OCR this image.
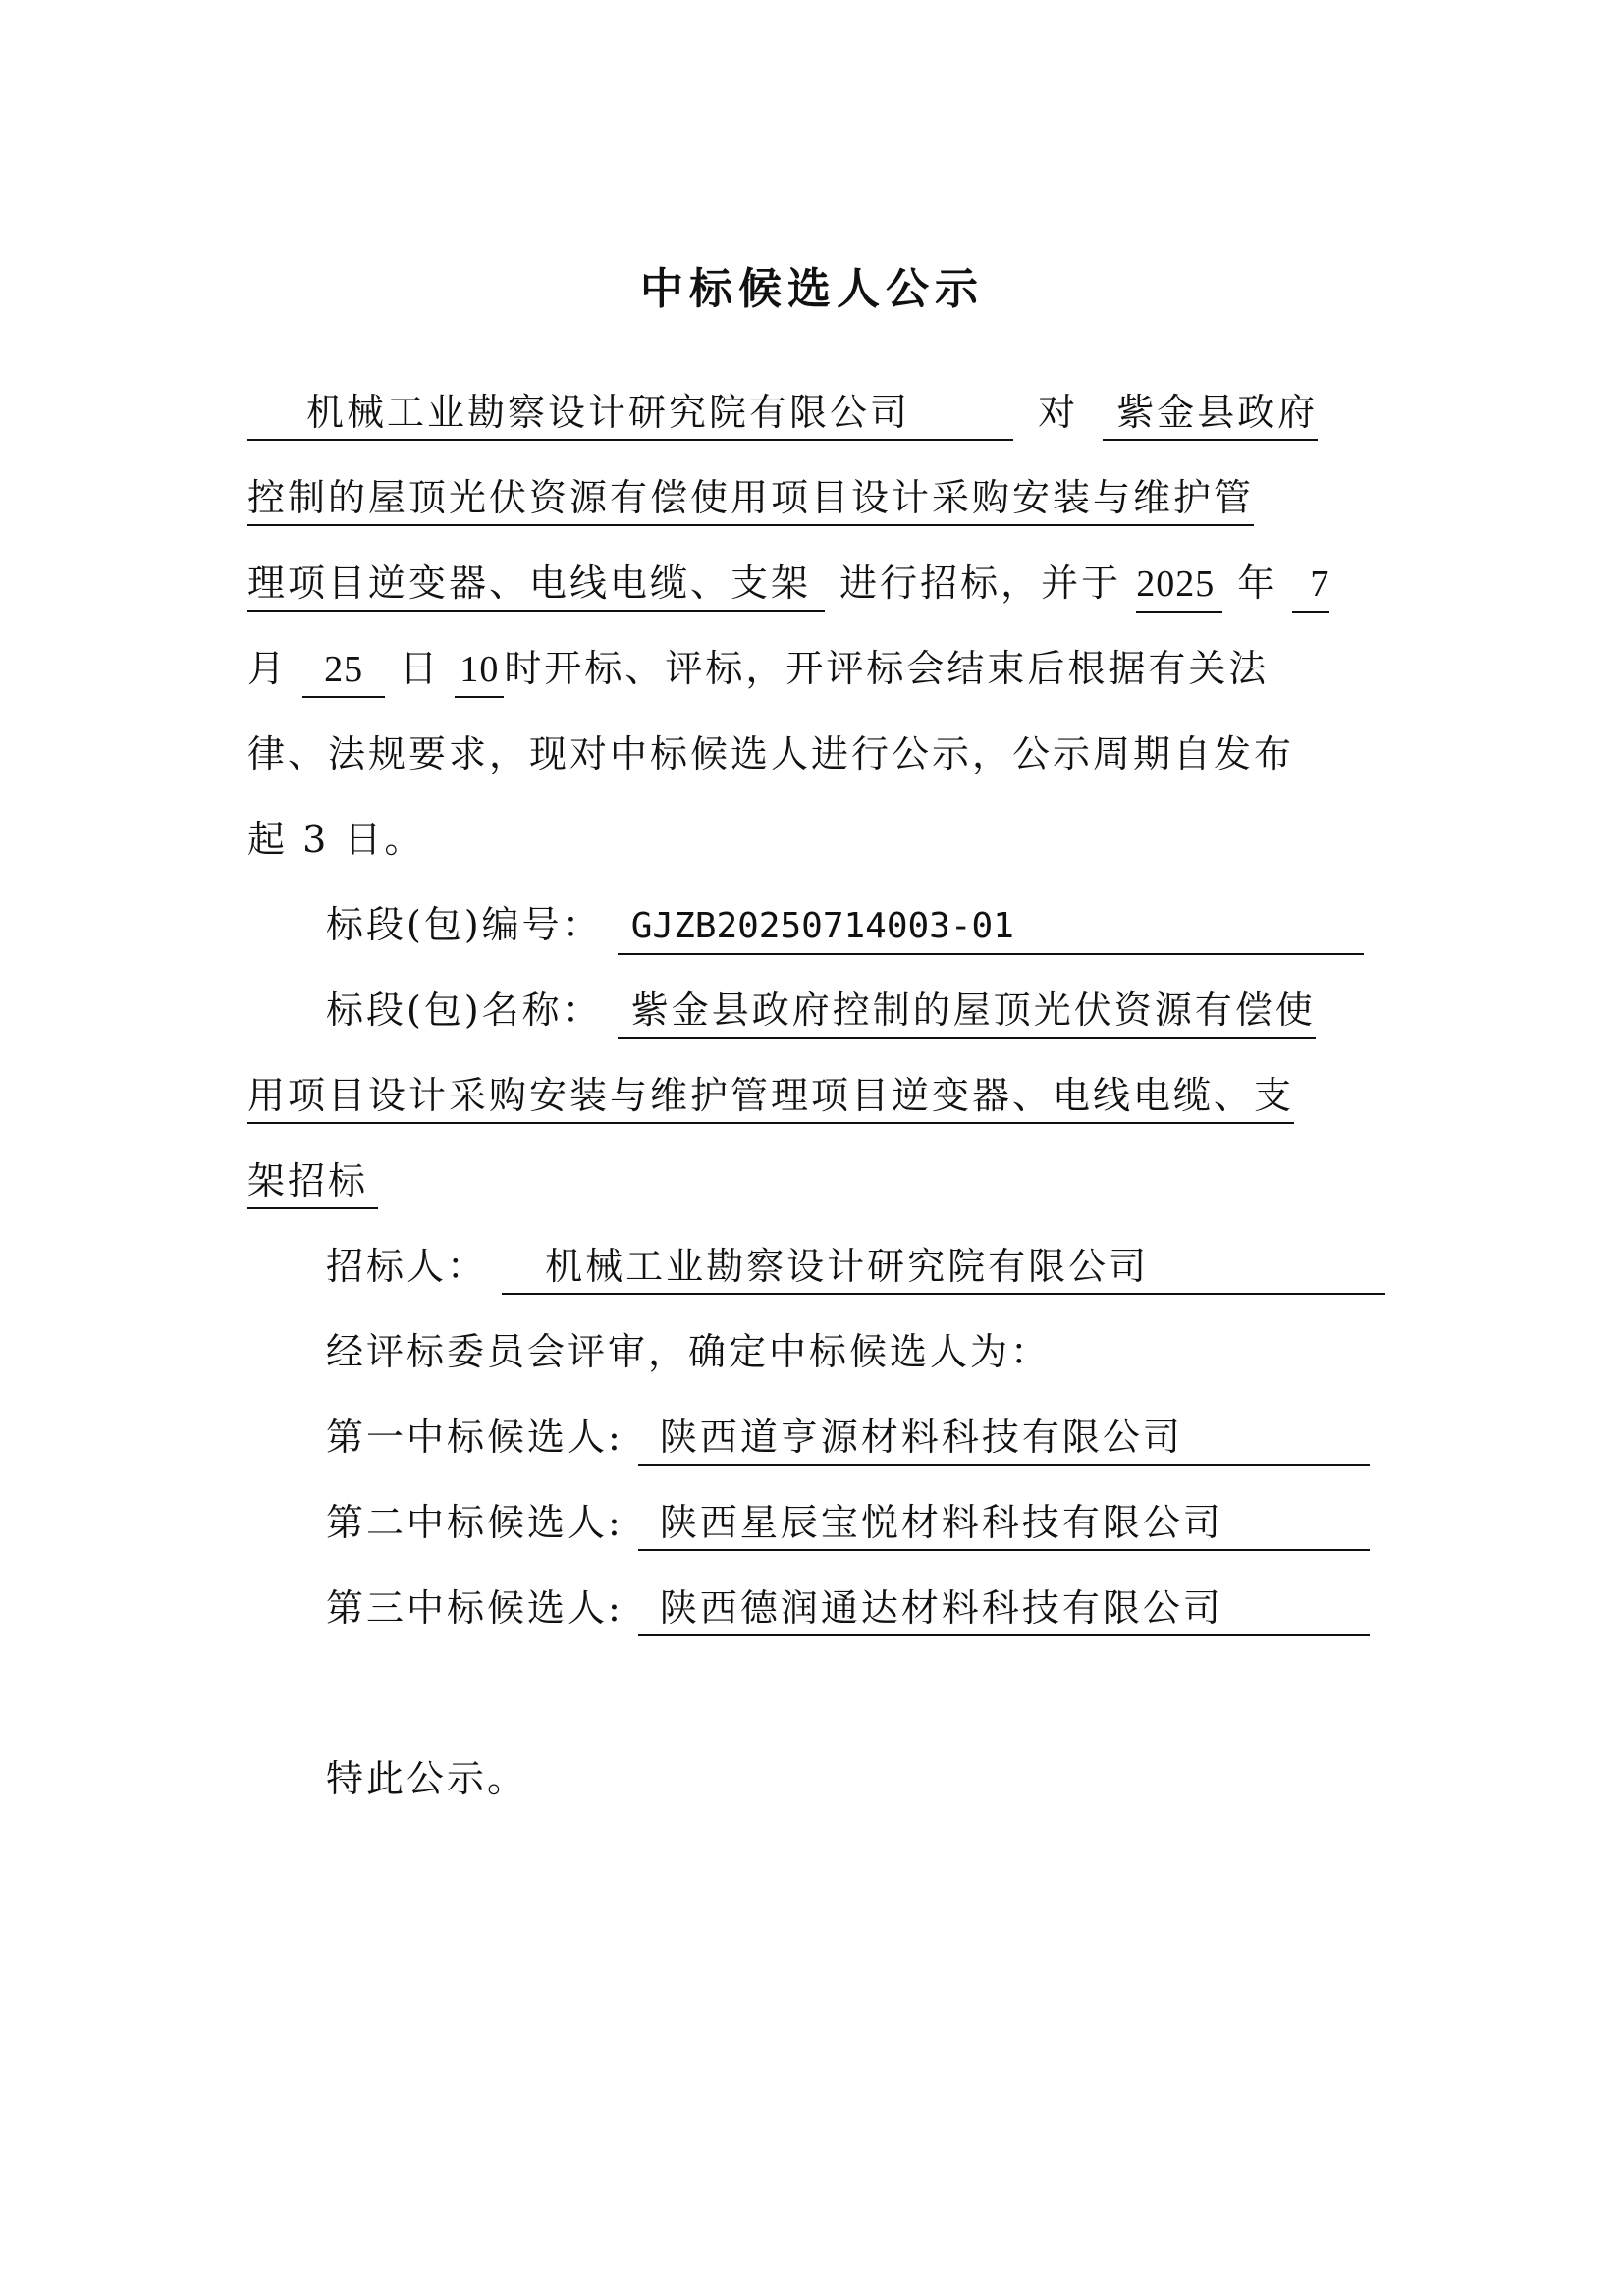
中标候选人公示
机械工业勘察设计研究院有限公司	对 紫金县政府
控制的屋顶光伏资源有偿使用项目设计采购安装与维护管
理项目逆变器、电线电缆、支架 进行招标，并于 2025 年 7
月 25 日 10 时开标、评标，开评标会结束后根据有关法
律、法规要求，现对中标候选人进行公示，公示周期自发布
起 3 日。
标段(包)编号： GJZB20250714003-01
标段(包)名称： 紫金县政府控制的屋顶光伏资源有偿使
用项目设计采购安装与维护管理项目逆变器、电线电缆、支
架招标
招标人： 机械工业勘察设计研究院有限公司
经评标委员会评审，确定中标候选人为：
第一中标候选人: 陕西道亨源材料科技有限公司
第二中标候选人: 陕西星辰宝悦材料科技有限公司
第三中标候选人: 陕西德润通达材料科技有限公司
特此公示。
